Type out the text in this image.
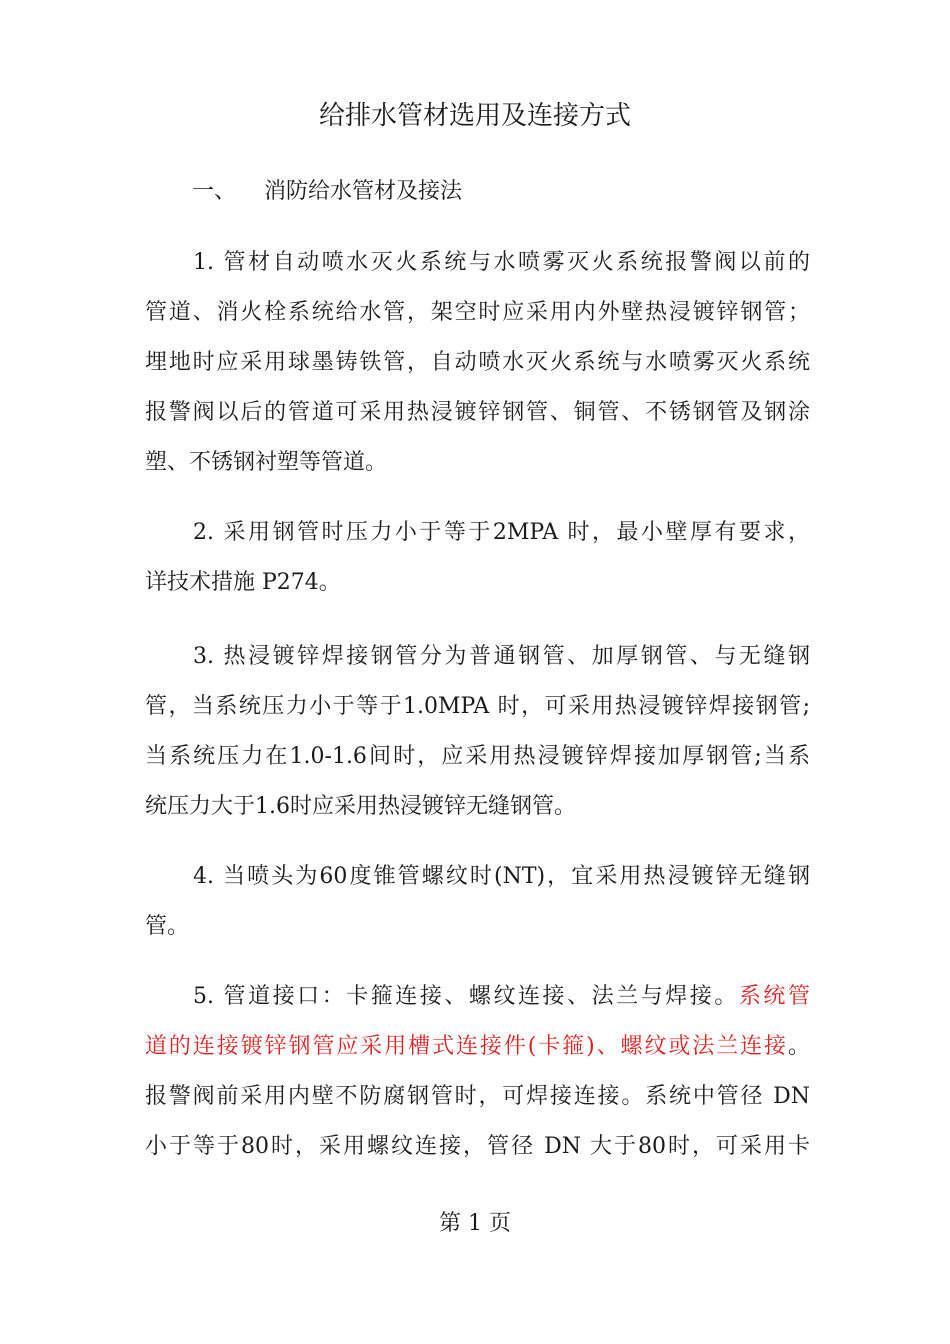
给排水管材选用及连接方式
一、 消防给水管材及接法
1. 管材自动喷水灭火系统与水喷雾灭火系统报警阀以前的
管道、消火栓系统给水管，架空时应采用内外壁热浸镀锌钢管；
埋地时应采用球墨铸铁管，自动喷水灭火系统与水喷雾灭火系统
报警阀以后的管道可采用热浸镀锌钢管、铜管、不锈钢管及钢涂
塑、不锈钢衬塑等管道。
2. 采用钢管时压力小于等于2MPA 时，最小壁厚有要求，
详技术措施 P274。
3. 热浸镀锌焊接钢管分为普通钢管、加厚钢管、与无缝钢
管，当系统压力小于等于1.0MPA 时，可采用热浸镀锌焊接钢管;
当系统压力在1.0-1.6间时，应采用热浸镀锌焊接加厚钢管;当系
统压力大于1.6时应采用热浸镀锌无缝钢管。
4. 当喷头为60度锥管螺纹时(NT)，宜采用热浸镀锌无缝钢
管。
5. 管道接口：卡箍连接、螺纹连接、法兰与焊接。系统管
道的连接镀锌钢管应采用槽式连接件(卡箍)、螺纹或法兰连接。
报警阀前采用内壁不防腐钢管时，可焊接连接。系统中管径 DN
小于等于80时，采用螺纹连接，管径 DN 大于80时，可采用卡
第 1 页
